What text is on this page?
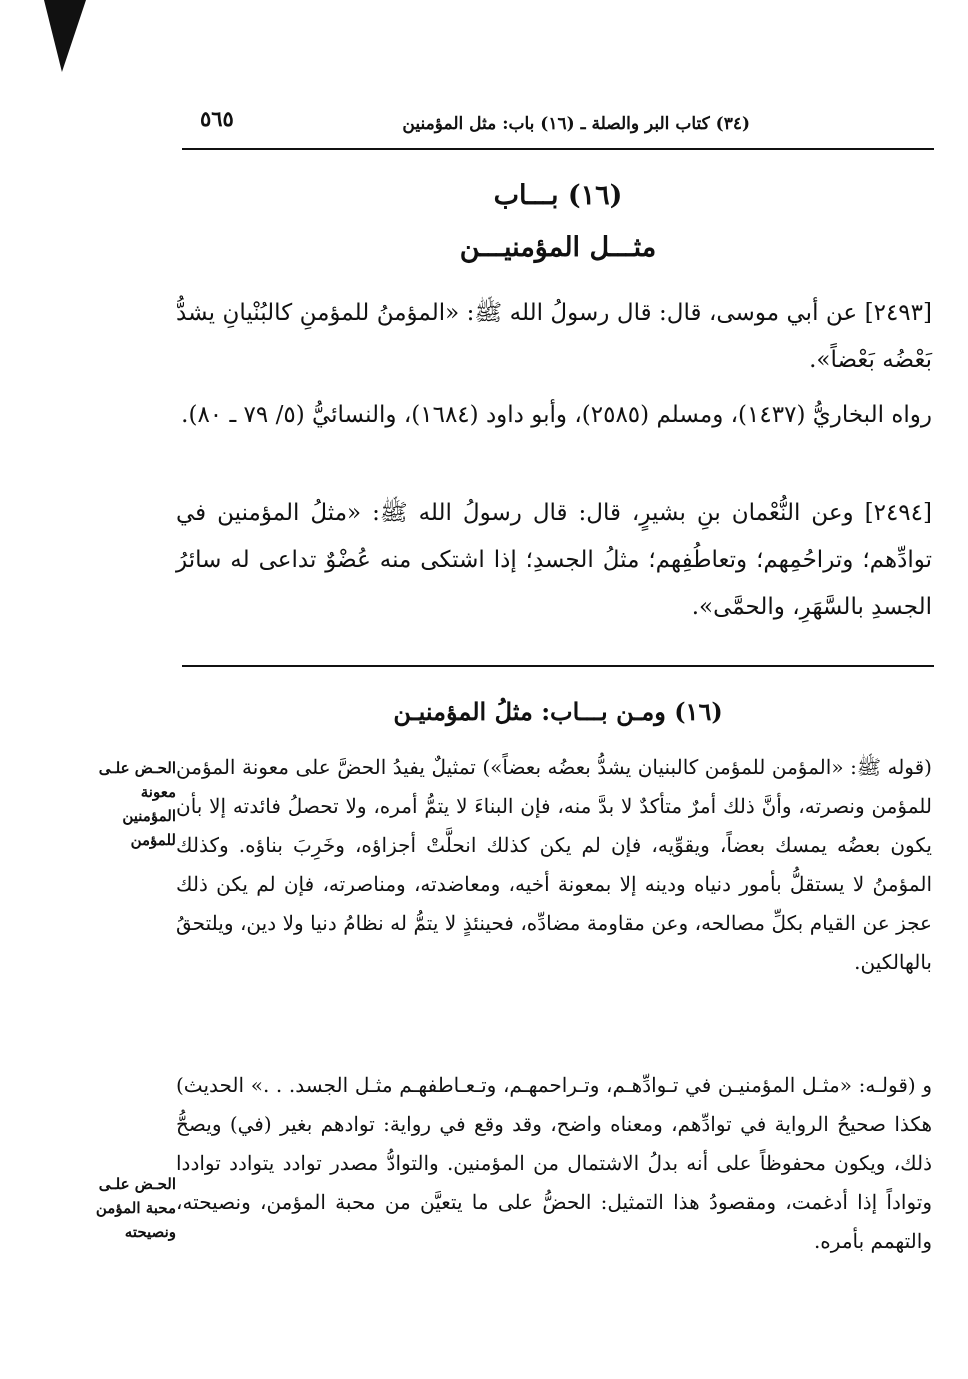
(٣٤) كتاب البر والصلة ـ (١٦) باب: مثل المؤمنين
٥٦٥
(١٦) بـــاب
مثـــل المؤمنيـــن

[٢٤٩٣] عن أبي موسى، قال: قال رسولُ الله ﷺ: «المؤمنُ للمؤمنِ كالبُنْيانِ يشدُّ بَعْضُه بَعْضاً».

رواه البخاريُّ (١٤٣٧)، ومسلم (٢٥٨٥)، وأبو داود (١٦٨٤)، والنسائيُّ (٥/ ٧٩ ـ ٨٠).

[٢٤٩٤] وعن النُّعْمان بنِ بشيرٍ، قال: قال رسولُ الله ﷺ: «مثلُ المؤمنين في توادِّهم؛ وتراحُمِهم؛ وتعاطُفِهم؛ مثلُ الجسدِ؛ إذا اشتكى منه عُضْوٌ تداعى له سائرُ الجسدِ بالسَّهَرِ، والحمَّى».

(١٦) ومـن بـــاب: مثلُ المؤمنيـن
(قوله ﷺ: «المؤمن للمؤمن كالبنيان يشدُّ بعضُه بعضاً») تمثيلٌ يفيدُ الحضَّ على معونة المؤمن للمؤمن ونصرته، وأنَّ ذلك أمرٌ متأكدٌ لا بدَّ منه، فإن البناءَ لا يتمُّ أمره، ولا تحصلُ فائدته إلا بأن يكون بعضُه يمسك بعضاً، ويقوِّيه، فإن لم يكن كذلك انحلَّتْ أجزاؤه، وخَرِبَ بناؤه. وكذلك المؤمنُ لا يستقلُّ بأمور دنياه ودينه إلا بمعونة أخيه، ومعاضدته، ومناصرته، فإن لم يكن ذلك عجز عن القيام بكلِّ مصالحه، وعن مقاومة مضادِّه، فحينئذٍ لا يتمُّ له نظامُ دنيا ولا دين، ويلتحقُ بالهالكين.
و (قولـه: «مثـل المؤمنيـن في تـوادِّهـم، وتـراحمهـم، وتـعـاطفهـم مثـل الجسد. . .» الحديث) هكذا صحيحُ الرواية في توادِّهم، ومعناه واضح، وقد وقع في رواية: توادهم بغير (في) ويصحُّ ذلك، ويكون محفوظاً على أنه بدلُ الاشتمال من المؤمنين. والتوادُّ مصدر توادد يتوادد تواددا وتواداً إذا أدغمت، ومقصودُ هذا التمثيل: الحضُّ على ما يتعيَّن من محبة المؤمن، ونصيحته، والتهمم بأمره.
الحـض علـى
معونة
المؤمنين
للمؤمن
الحـض علـى
محبة المؤمن
ونصيحته
